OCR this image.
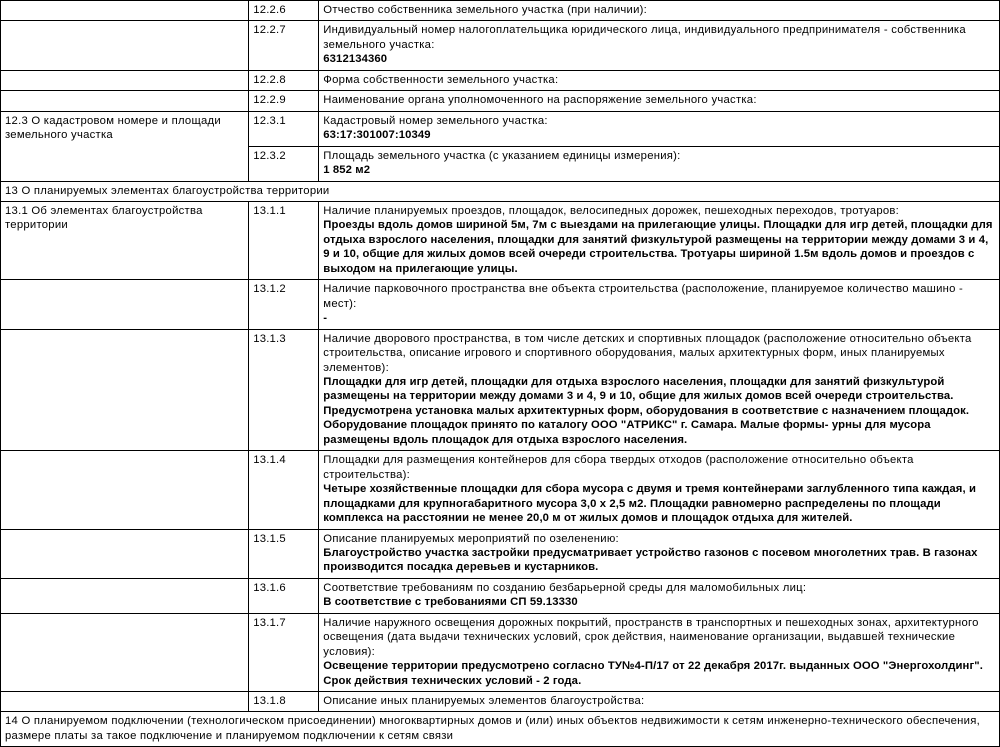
	12.2.6	Отчество собственника земельного участка (при наличии):

	12.2.7	Индивидуальный номер налогоплательщика юридического лица, индивидуального предпринимателя - собственника земельного участка:
6312134360

	12.2.8	Форма собственности земельного участка:

	12.2.9	Наименование органа уполномоченного на распоряжение земельного участка:

12.3 О кадастровом номере и площади земельного участка	12.3.1	Кадастровый номер земельного участка:
63:17:301007:10349

	12.3.2	Площадь земельного участка (с указанием единицы измерения):
1 852 м2

13 О планируемых элементах благоустройства территории		
13.1 Об элементах благоустройства территории	13.1.1	Наличие планируемых проездов, площадок, велосипедных дорожек, пешеходных переходов, тротуаров:
Проезды вдоль домов шириной 5м, 7м с выездами на прилегающие улицы. Площадки для игр детей, площадки для отдыха взрослого населения, площадки для занятий физкультурой размещены на территории между домами 3 и 4, 9 и 10, общие для жилых домов всей очереди строительства. Тротуары шириной 1.5м вдоль домов и проездов с выходом на прилегающие улицы.

	13.1.2	Наличие парковочного пространства вне объекта строительства (расположение, планируемое количество машино - мест):
-

	13.1.3	Наличие дворового пространства, в том числе детских и спортивных площадок (расположение относительно объекта строительства, описание игрового и спортивного оборудования, малых архитектурных форм, иных планируемых элементов):
Площадки для игр детей, площадки для отдыха взрослого населения, площадки для занятий физкультурой размещены на территории между домами 3 и 4, 9 и 10, общие для жилых домов всей очереди строительства. Предусмотрена установка малых архитектурных форм, оборудования в соответствие с назначением площадок. Оборудование площадок принято по каталогу ООО "АТРИКС" г. Самара. Малые формы- урны для мусора размещены вдоль площадок для отдыха взрослого населения.

	13.1.4	Площадки для размещения контейнеров для сбора твердых отходов (расположение относительно объекта строительства):
Четыре хозяйственные площадки для сбора мусора с двумя и тремя контейнерами заглубленного типа каждая, и площадками для крупногабаритного мусора 3,0 х 2,5 м2. Площадки равномерно распределены по площади комплекса на расстоянии не менее 20,0 м от жилых домов и площадок отдыха для жителей.

	13.1.5	Описание планируемых мероприятий по озеленению:
Благоустройство участка застройки предусматривает устройство газонов с посевом многолетних трав. В газонах производится посадка деревьев и кустарников.

	13.1.6	Соответствие требованиям по созданию безбарьерной среды для маломобильных лиц:
В соответствие с требованиями СП 59.13330

	13.1.7	Наличие наружного освещения дорожных покрытий, пространств в транспортных и пешеходных зонах, архитектурного освещения (дата выдачи технических условий, срок действия, наименование организации, выдавшей технические условия):
Освещение территории предусмотрено согласно ТУ№4-П/17 от 22 декабря 2017г. выданных ООО "Энергохолдинг". Срок действия технических условий - 2 года.

	13.1.8	Описание иных планируемых элементов благоустройства:

14 О планируемом подключении (технологическом присоединении) многоквартирных домов и (или) иных объектов недвижимости к сетям инженерно-технического обеспечения, размере платы за такое подключение и планируемом подключении к сетям связи		
